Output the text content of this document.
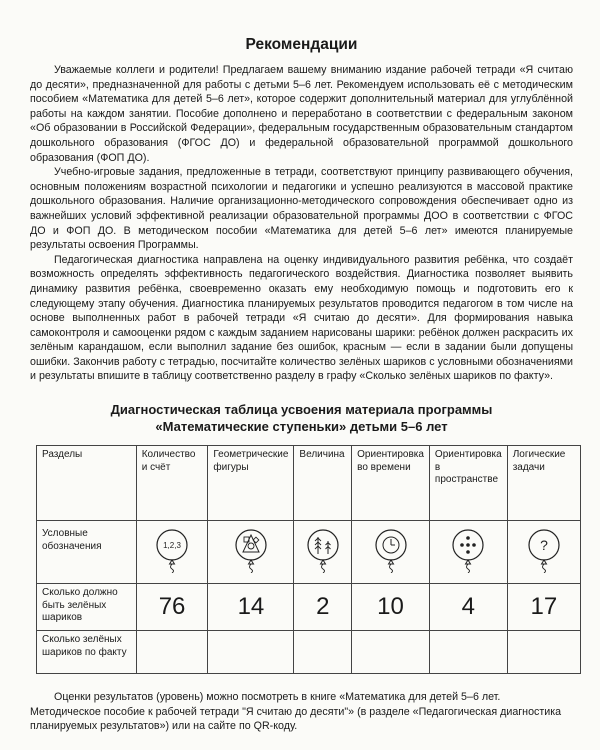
Рекомендации

Уважаемые коллеги и родители! Предлагаем вашему вниманию издание рабочей тетради «Я считаю до десяти», предназначенной для работы с детьми 5–6 лет. Рекомендуем использовать её с методическим пособием «Математика для детей 5–6 лет», которое содержит дополнительный материал для углублённой работы на каждом занятии. Пособие дополнено и переработано в соответствии с федеральным законом «Об образовании в Российской Федерации», федеральным государственным образовательным стандартом дошкольного образования (ФГОС ДО) и федеральной образовательной программой дошкольного образования (ФОП ДО).

Учебно-игровые задания, предложенные в тетради, соответствуют принципу развивающего обучения, основным положениям возрастной психологии и педагогики и успешно реализуются в массовой практике дошкольного образования. Наличие организационно-методического сопровождения обеспечивает одно из важнейших условий эффективной реализации образовательной программы ДОО в соответствии с ФГОС ДО и ФОП ДО. В методическом пособии «Математика для детей 5–6 лет» имеются планируемые результаты освоения Программы.

Педагогическая диагностика направлена на оценку индивидуального развития ребёнка, что создаёт возможность определять эффективность педагогического воздействия. Диагностика позволяет выявить динамику развития ребёнка, своевременно оказать ему необходимую помощь и подготовить его к следующему этапу обучения. Диагностика планируемых результатов проводится педагогом в том числе на основе выполненных работ в рабочей тетради «Я считаю до десяти». Для формирования навыка самоконтроля и самооценки рядом с каждым заданием нарисованы шарики: ребёнок должен раскрасить их зелёным карандашом, если выполнил задание без ошибок, красным — если в задании были допущены ошибки. Закончив работу с тетрадью, посчитайте количество зелёных шариков с условными обозначениями и результаты впишите в таблицу соответственно разделу в графу «Сколько зелёных шариков по факту».

Диагностическая таблица усвоения материала программы
«Математические ступеньки» детьми 5–6 лет
Разделы	Количество и счёт	Геометрические фигуры	Величина	Ориентировка во времени	Ориентировка в пространстве	Логические задачи
Условные обозначения	1,2,3					?

Сколько должно быть зелёных шариков	76	14	2	10	4	17
Сколько зелёных шариков по факту						

Оценки результатов (уровень) можно посмотреть в книге «Математика для детей 5–6 лет. Методическое пособие к рабочей тетради "Я считаю до десяти"» (в разделе «Педагогическая диагностика планируемых результатов») или на сайте по QR-коду.
